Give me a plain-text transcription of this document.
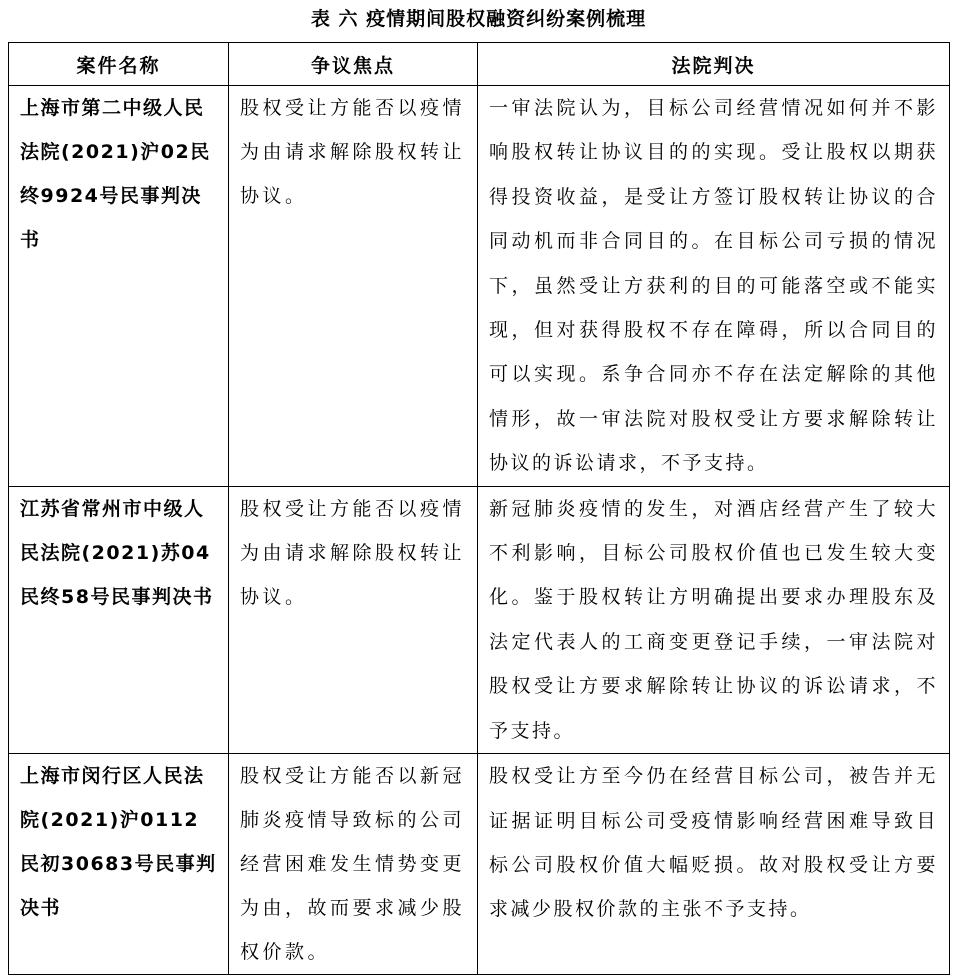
表 六 疫情期间股权融资纠纷案例梳理
案件名称	争议焦点	法院判决
上海市第二中级人民法院(2021)沪02民终9924号民事判决书	股权受让方能否以疫情为由请求解除股权转让协议。	一审法院认为，目标公司经营情况如何并不影响股权转让协议目的的实现。受让股权以期获得投资收益，是受让方签订股权转让协议的合同动机而非合同目的。在目标公司亏损的情况下，虽然受让方获利的目的可能落空或不能实现，但对获得股权不存在障碍，所以合同目的可以实现。系争合同亦不存在法定解除的其他情形，故一审法院对股权受让方要求解除转让协议的诉讼请求，不予支持。
江苏省常州市中级人民法院(2021)苏04民终58号民事判决书	股权受让方能否以疫情为由请求解除股权转让协议。	新冠肺炎疫情的发生，对酒店经营产生了较大不利影响，目标公司股权价值也已发生较大变化。鉴于股权转让方明确提出要求办理股东及法定代表人的工商变更登记手续，一审法院对股权受让方要求解除转让协议的诉讼请求，不予支持。
上海市闵行区人民法院(2021)沪0112民初30683号民事判决书	股权受让方能否以新冠肺炎疫情导致标的公司经营困难发生情势变更为由，故而要求减少股权价款。	股权受让方至今仍在经营目标公司，被告并无证据证明目标公司受疫情影响经营困难导致目标公司股权价值大幅贬损。故对股权受让方要求减少股权价款的主张不予支持。
